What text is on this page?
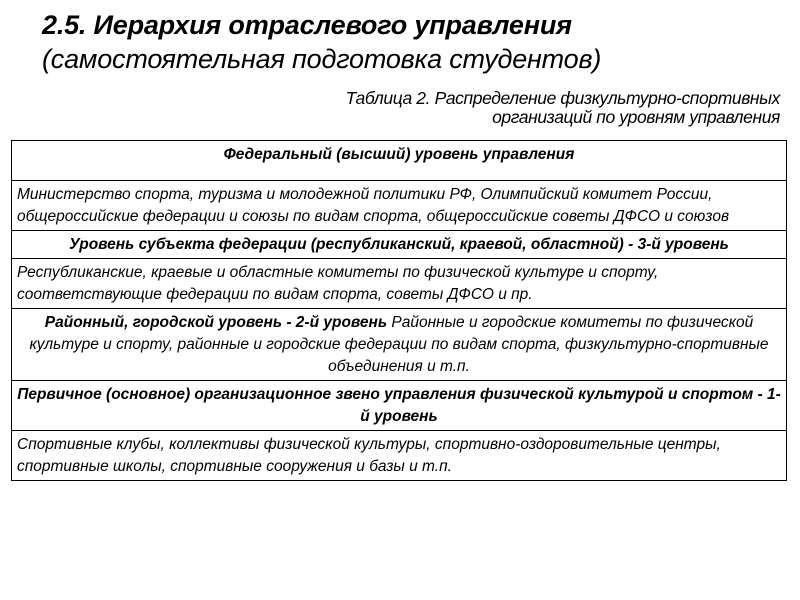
2.5. Иерархия отраслевого управления
(самостоятельная подготовка студентов)
Таблица 2. Распределение физкультурно-спортивных
организаций по уровням управления
Федеральный (высший) уровень управления
Министерство спорта, туризма и молодежной политики РФ, Олимпийский комитет России, общероссийские федерации и союзы по видам спорта, общероссийские советы ДФСО и союзов
Уровень субъекта федерации (республиканский, краевой, областной) - 3-й уровень
Республиканские, краевые и областные комитеты по физической культуре и спорту, соответствующие федерации по видам спорта, советы ДФСО и пр.
Районный, городской уровень - 2-й уровень Районные и городские комитеты по физической культуре и спорту, районные и городские федерации по видам спорта, физкультурно-спортивные объединения и т.п.
Первичное (основное) организационное звено управления физической культурой и спортом - 1-й уровень
Спортивные клубы, коллективы физической культуры, спортивно-оздоровительные центры, спортивные школы, спортивные сооружения и базы и т.п.
